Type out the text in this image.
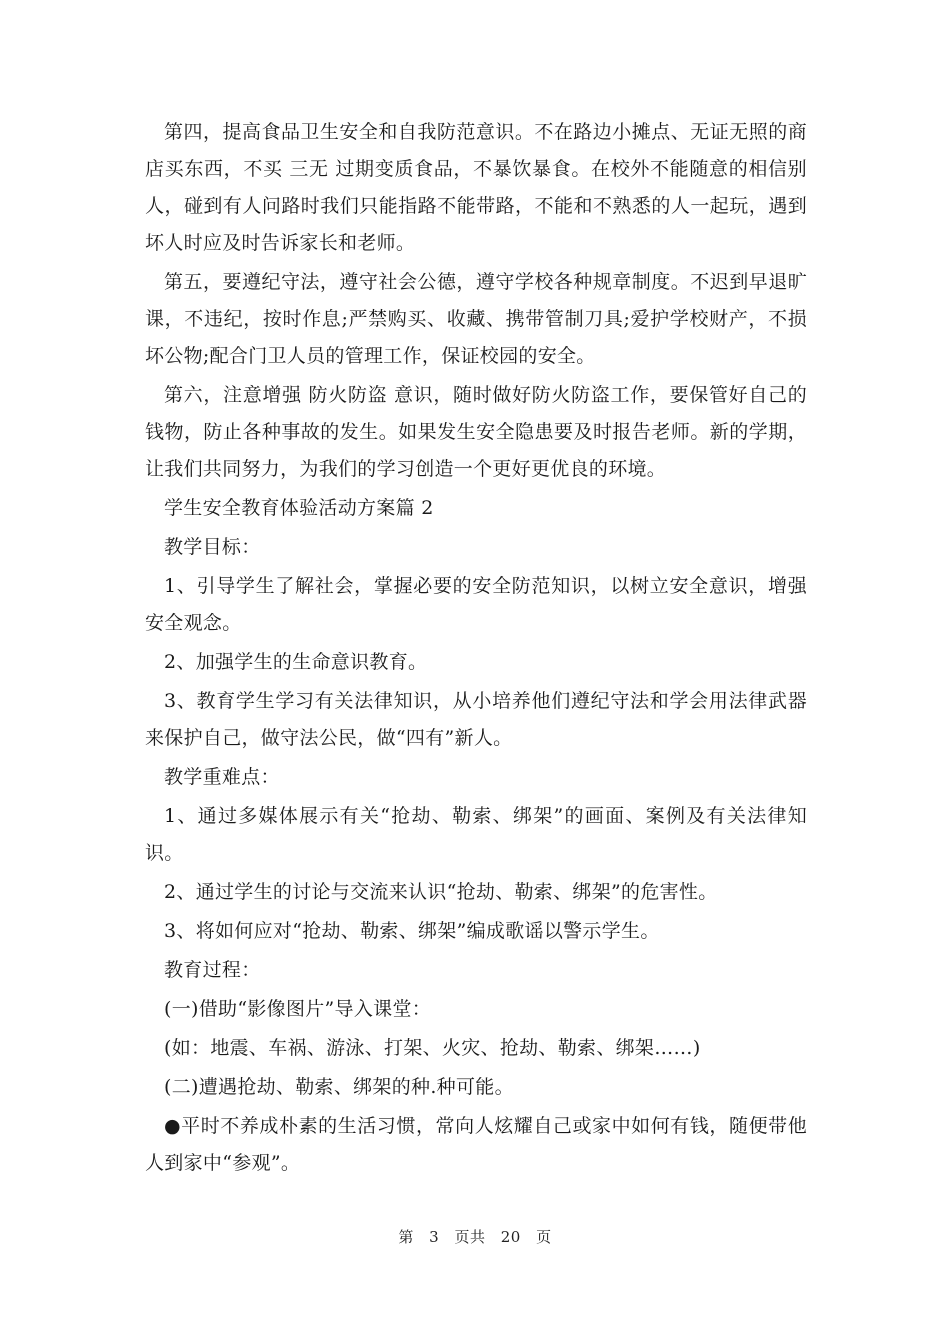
第四，提高食品卫生安全和自我防范意识。不在路边小摊点、无证无照的商店买东西，不买 三无 过期变质食品，不暴饮暴食。在校外不能随意的相信别人，碰到有人问路时我们只能指路不能带路，不能和不熟悉的人一起玩，遇到坏人时应及时告诉家长和老师。

第五，要遵纪守法，遵守社会公德，遵守学校各种规章制度。不迟到早退旷课，不违纪，按时作息;严禁购买、收藏、携带管制刀具;爱护学校财产，不损坏公物;配合门卫人员的管理工作，保证校园的安全。

第六，注意增强 防火防盗 意识，随时做好防火防盗工作，要保管好自己的钱物，防止各种事故的发生。如果发生安全隐患要及时报告老师。新的学期，让我们共同努力，为我们的学习创造一个更好更优良的环境。

学生安全教育体验活动方案篇 2

教学目标：

1、引导学生了解社会，掌握必要的安全防范知识，以树立安全意识，增强安全观念。

2、加强学生的生命意识教育。

3、教育学生学习有关法律知识，从小培养他们遵纪守法和学会用法律武器来保护自己，做守法公民，做“四有”新人。

教学重难点：

1、通过多媒体展示有关“抢劫、勒索、绑架”的画面、案例及有关法律知识。

2、通过学生的讨论与交流来认识“抢劫、勒索、绑架”的危害性。

3、将如何应对“抢劫、勒索、绑架”编成歌谣以警示学生。

教育过程：

(一)借助“影像图片”导入课堂：

(如：地震、车祸、游泳、打架、火灾、抢劫、勒索、绑架……)

(二)遭遇抢劫、勒索、绑架的种.种可能。

●平时不养成朴素的生活习惯，常向人炫耀自己或家中如何有钱，随便带他人到家中“参观”。

第 3 页共 20 页
